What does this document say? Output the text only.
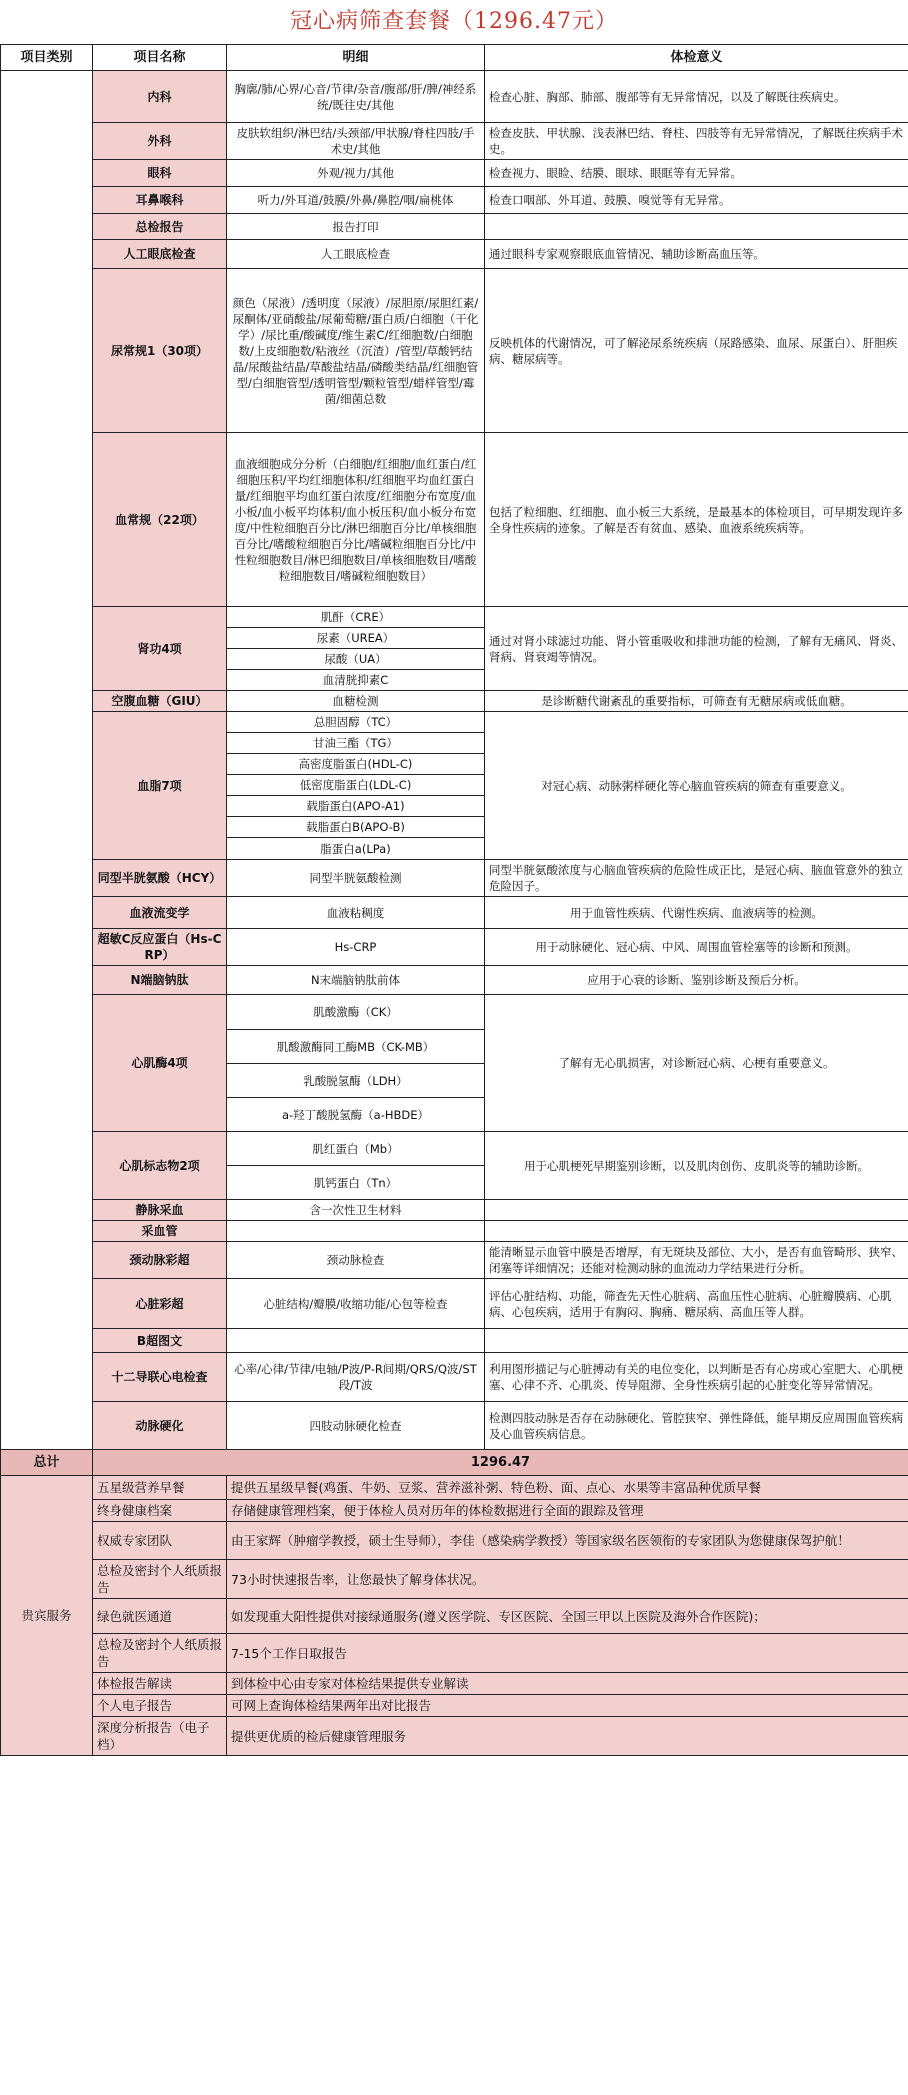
冠心病筛查套餐（1296.47元）
项目类别	项目名称	明细	体检意义
	内科	胸廓/肺/心界/心音/节律/杂音/腹部/肝/脾/神经系统/既往史/其他	检查心脏、胸部、肺部、腹部等有无异常情况，以及了解既往疾病史。
	外科	皮肤软组织/淋巴结/头颈部/甲状腺/脊柱四肢/手术史/其他	检查皮肤、甲状腺、浅表淋巴结、脊柱、四肢等有无异常情况，了解既往疾病手术史。
	眼科	外观/视力/其他	检查视力、眼睑、结膜、眼球、眼眶等有无异常。
	耳鼻喉科	听力/外耳道/鼓膜/外鼻/鼻腔/咽/扁桃体	检查口咽部、外耳道、鼓膜、嗅觉等有无异常。
	总检报告	报告打印	
	人工眼底检查	人工眼底检查	通过眼科专家观察眼底血管情况、辅助诊断高血压等。
	尿常规1（30项）	颜色（尿液）/透明度（尿液）/尿胆原/尿胆红素/尿酮体/亚硝酸盐/尿葡萄糖/蛋白质/白细胞（干化学）/尿比重/酸碱度/维生素C/红细胞数/白细胞数/上皮细胞数/粘液丝（沉渣）/管型/草酸钙结晶/尿酸盐结晶/草酸盐结晶/磷酸类结晶/红细胞管型/白细胞管型/透明管型/颗粒管型/蜡样管型/霉菌/细菌总数	反映机体的代谢情况，可了解泌尿系统疾病（尿路感染、血尿、尿蛋白）、肝胆疾病、糖尿病等。
	血常规（22项）	血液细胞成分分析（白细胞/红细胞/血红蛋白/红细胞压积/平均红细胞体积/红细胞平均血红蛋白量/红细胞平均血红蛋白浓度/红细胞分布宽度/血小板/血小板平均体积/血小板压积/血小板分布宽度/中性粒细胞百分比/淋巴细胞百分比/单核细胞百分比/嗜酸粒细胞百分比/嗜碱粒细胞百分比/中性粒细胞数目/淋巴细胞数目/单核细胞数目/嗜酸粒细胞数目/嗜碱粒细胞数目）	包括了粒细胞、红细胞、血小板三大系统，是最基本的体检项目，可早期发现许多全身性疾病的迹象。了解是否有贫血、感染、血液系统疾病等。
	肾功4项	肌酐（CRE）	通过对肾小球滤过功能、肾小管重吸收和排泄功能的检测，了解有无痛风、肾炎、肾病、肾衰竭等情况。
		尿素（UREA）	
		尿酸（UA）	
		血清胱抑素C	
	空腹血糖（GIU）	血糖检测	是诊断糖代谢紊乱的重要指标，可筛查有无糖尿病或低血糖。
	血脂7项	总胆固醇（TC）	对冠心病、动脉粥样硬化等心脑血管疾病的筛查有重要意义。
		甘油三酯（TG）	
		高密度脂蛋白(HDL-C)	
		低密度脂蛋白(LDL-C)	
		载脂蛋白(APO-A1)	
		载脂蛋白B(APO-B)	
		脂蛋白a(LPa)	
	同型半胱氨酸（HCY）	同型半胱氨酸检测	同型半胱氨酸浓度与心脑血管疾病的危险性成正比，是冠心病、脑血管意外的独立危险因子。
	血液流变学	血液粘稠度	用于血管性疾病、代谢性疾病、血液病等的检测。
	超敏C反应蛋白（Hs-CRP）	Hs-CRP	用于动脉硬化、冠心病、中风、周围血管栓塞等的诊断和预测。
	N端脑钠肽	N末端脑钠肽前体	应用于心衰的诊断、鉴别诊断及预后分析。
	心肌酶4项	肌酸激酶（CK）	了解有无心肌损害，对诊断冠心病、心梗有重要意义。
		肌酸激酶同工酶MB（CK-MB）	
		乳酸脱氢酶（LDH）	
		a-羟丁酸脱氢酶（a-HBDE）	
	心肌标志物2项	肌红蛋白（Mb）	用于心肌梗死早期鉴别诊断，以及肌肉创伤、皮肌炎等的辅助诊断。
		肌钙蛋白（Tn）	
	静脉采血	含一次性卫生材料	
	采血管		
	颈动脉彩超	颈动脉检查	能清晰显示血管中膜是否增厚，有无斑块及部位、大小，是否有血管畸形、狭窄、闭塞等详细情况；还能对检测动脉的血流动力学结果进行分析。
	心脏彩超	心脏结构/瓣膜/收缩功能/心包等检查	评估心脏结构、功能，筛查先天性心脏病、高血压性心脏病、心脏瓣膜病、心肌病、心包疾病，适用于有胸闷、胸痛、糖尿病、高血压等人群。
	B超图文		
	十二导联心电检查	心率/心律/节律/电轴/P波/P-R间期/QRS/Q波/ST段/T波	利用图形描记与心脏搏动有关的电位变化，以判断是否有心房或心室肥大、心肌梗塞、心律不齐、心肌炎、传导阻滞、全身性疾病引起的心脏变化等异常情况。
	动脉硬化	四肢动脉硬化检查	检测四肢动脉是否存在动脉硬化、管腔狭窄、弹性降低，能早期反应周围血管疾病及心血管疾病信息。
总计	1296.47		
贵宾服务	五星级营养早餐	提供五星级早餐(鸡蛋、牛奶、豆浆、营养滋补粥、特色粉、面、点心、水果等丰富品种优质早餐	
	终身健康档案	存储健康管理档案，便于体检人员对历年的体检数据进行全面的跟踪及管理	
	权威专家团队	由王家辉（肿瘤学教授，硕士生导师），李佳（感染病学教授）等国家级名医领衔的专家团队为您健康保驾护航！	
	总检及密封个人纸质报告	73小时快速报告率，让您最快了解身体状况。	
	绿色就医通道	如发现重大阳性提供对接绿通服务(遵义医学院、专区医院、全国三甲以上医院及海外合作医院)；	
	总检及密封个人纸质报告	7-15个工作日取报告	
	体检报告解读	到体检中心由专家对体检结果提供专业解读	
	个人电子报告	可网上查询体检结果两年出对比报告	
	深度分析报告（电子档）	提供更优质的检后健康管理服务	
